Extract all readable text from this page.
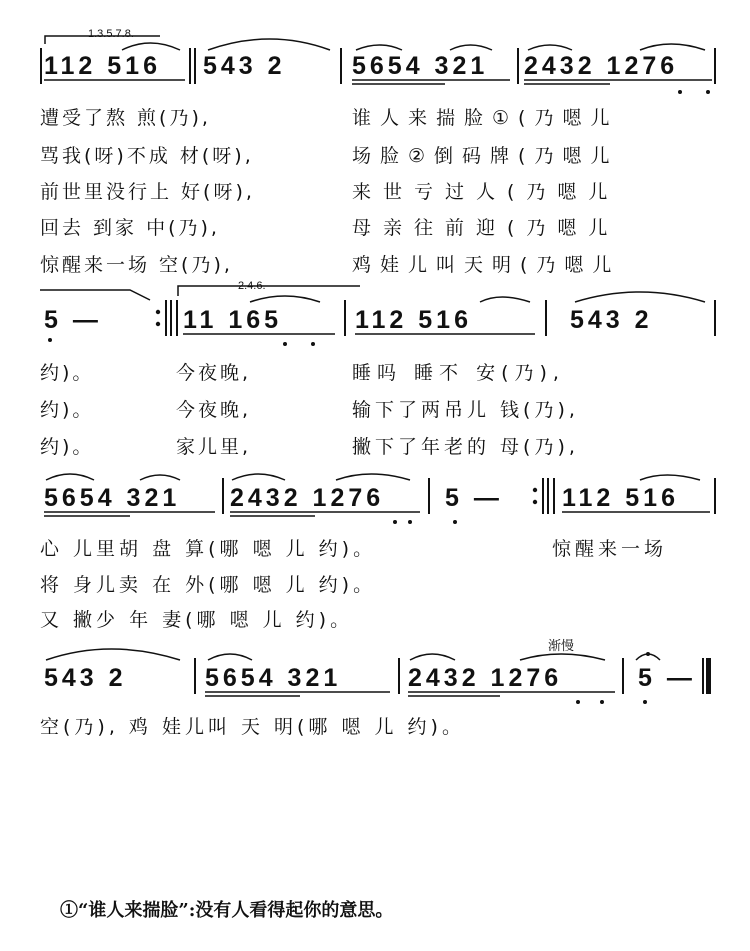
1.3.5.7.8.
112 516 543 2	5654 321 2432 1276
遭受了熬 煎(乃),
骂我(呀)不成 材(呀),
前世里没行上 好(呀),
回去 到家 中(乃),
惊醒来一场 空(乃),
谁人来揣脸①(乃嗯儿
场脸②倒码牌(乃嗯儿
来世亏过人(乃嗯儿
母亲往前迎(乃嗯儿
鸡娃儿叫天明(乃嗯儿
2.4.6.
5 —	11 165	112 516	543 2
约)。
约)。
约)。
今夜晚,
今夜晚,
家儿里,
睡吗 睡不 安(乃),
输下了两吊儿 钱(乃),
撇下了年老的 母(乃),
5654 321 2432 1276 5 — 112 516
心 儿里胡 盘 算(哪 嗯 儿 约)。
将 身儿卖 在 外(哪 嗯 儿 约)。
又 撇少 年 妻(哪 嗯 儿 约)。
惊醒来一场
渐慢
543 2	5654 321	2432 1276	5 —
空(乃), 鸡 娃儿叫 天 明(哪 嗯 儿 约)。
①“谁人来揣脸”:没有人看得起你的意思。
